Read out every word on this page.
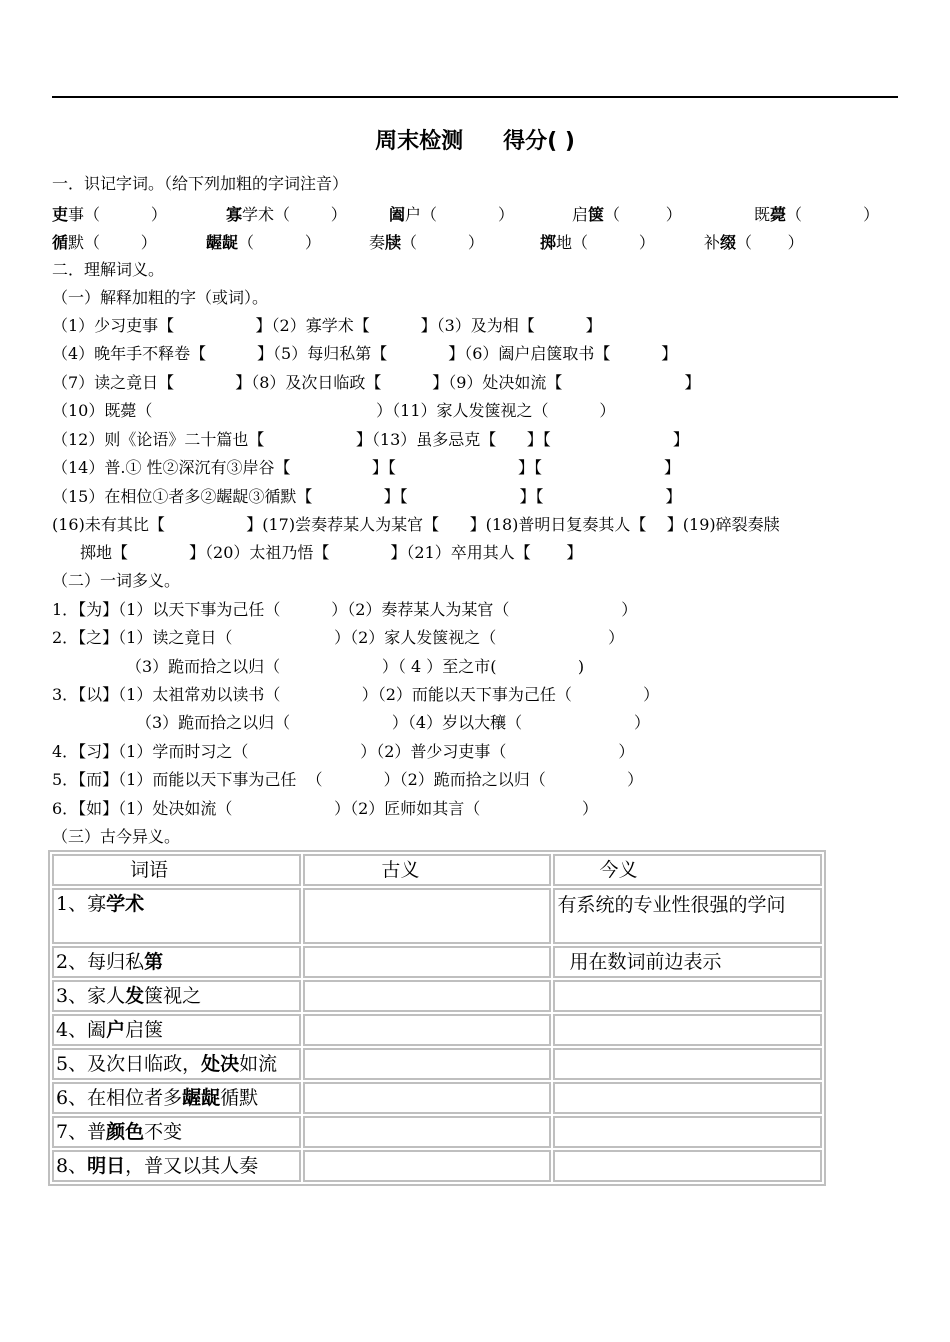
周末检测 得分( )
一．识记字词。（给下列加粗的字词注音）
吏事（          ）	寡学术（        ）	阖户（            ）	启箧（         ）	既薨（            ）
循默（        ）	龌龊（          ）	奏牍（          ）	掷地（          ）	补缀（       ）
二．理解词义。
（一）解释加粗的字（或词）。
（1）少习吏事【                】（2）寡学术【          】（3）及为相【          】
（4）晚年手不释卷【          】（5）每归私第【            】（6）阖户启箧取书【          】
（7）读之竟日【            】（8）及次日临政【          】（9）处决如流【                        】
（10）既薨（                                            ）（11）家人发箧视之（          ）
（12）则《论语》二十篇也【                  】（13）虽多忌克【      】【                        】
（14）普.① 性②深沉有③岸谷【                】【                        】【                        】
（15）在相位①者多②龌龊③循默【              】【                      】【                        】
(16)未有其比【                】(17)尝奏荐某人为某官【      】(18)普明日复奏其人【    】(19)碎裂奏牍
掷地【            】（20）太祖乃悟【            】（21）卒用其人【       】
（二）一词多义。
1．【为】（1）以天下事为己任（          ）（2）奏荐某人为某官（                      ）
2．【之】（1）读之竟日（                    ）（2）家人发箧视之（                      ）
（3）跪而拾之以归（                    ）（ 4 ）至之市(                )
3．【以】（1）太祖常劝以读书（                ）（2）而能以天下事为己任（              ）
（3）跪而拾之以归（                    ）（4）岁以大穰（                      ）
4．【习】（1）学而时习之（                      ）（2）普少习吏事（                      ）
5．【而】（1）而能以天下事为己任  （            ）（2）跪而拾之以归（                ）
6．【如】（1）处决如流（                    ）（2）匠师如其言（                    ）
（三）古今异义。
词语	古义	今义
1、寡学术		有系统的专业性很强的学问
2、每归私第		用在数词前边表示
3、家人发箧视之		
4、阖户启箧		
5、及次日临政，处决如流		
6、在相位者多龌龊循默		
7、普颜色不变		
8、明日，普又以其人奏		
